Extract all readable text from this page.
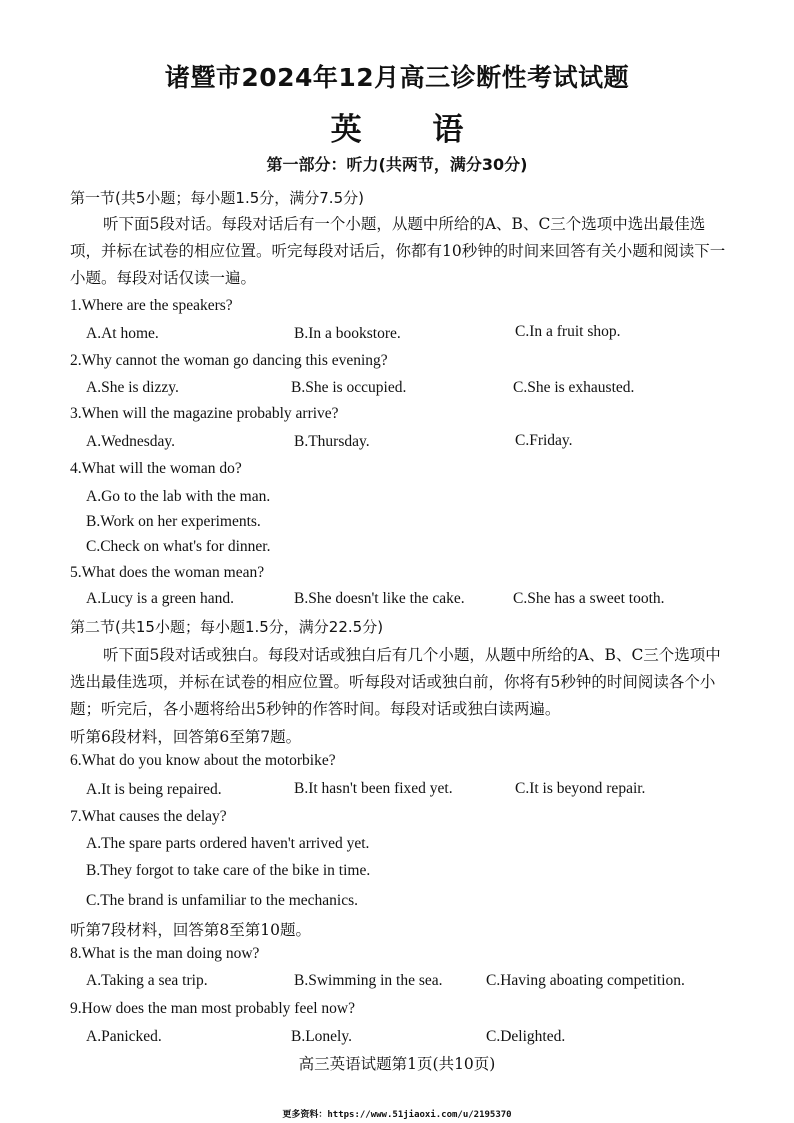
诸暨市2024年12月高三诊断性考试试题
英 语
第一部分：听力(共两节，满分30分)
第一节(共5小题；每小题1.5分，满分7.5分)
听下面5段对话。每段对话后有一个小题，从题中所给的A、B、C三个选项中选出最佳选项，并标在试卷的相应位置。听完每段对话后，你都有10秒钟的时间来回答有关小题和阅读下一小题。每段对话仅读一遍。
1.Where are the speakers?
A.At home.	B.In a bookstore.	C.In a fruit shop.
2.Why cannot the woman go dancing this evening?
A.She is dizzy.	B.She is occupied.	C.She is exhausted.
3.When will the magazine probably arrive?
A.Wednesday.	B.Thursday.	C.Friday.
4.What will the woman do?
A.Go to the lab with the man.
B.Work on her experiments.
C.Check on what's for dinner.
5.What does the woman mean?
A.Lucy is a green hand.	B.She doesn't like the cake.	C.She has a sweet tooth.
第二节(共15小题；每小题1.5分，满分22.5分)
听下面5段对话或独白。每段对话或独白后有几个小题，从题中所给的A、B、C三个选项中选出最佳选项，并标在试卷的相应位置。听每段对话或独白前，你将有5秒钟的时间阅读各个小题；听完后，各小题将给出5秒钟的作答时间。每段对话或独白读两遍。
听第6段材料，回答第6至第7题。
6.What do you know about the motorbike?
A.It is being repaired.	B.It hasn't been fixed yet.	C.It is beyond repair.
7.What causes the delay?
A.The spare parts ordered haven't arrived yet.
B.They forgot to take care of the bike in time.
C.The brand is unfamiliar to the mechanics.
听第7段材料，回答第8至第10题。
8.What is the man doing now?
A.Taking a sea trip.	B.Swimming in the sea.	C.Having aboating competition.
9.How does the man most probably feel now?
A.Panicked.	B.Lonely.	C.Delighted.
高三英语试题第1页(共10页)
更多资料：https://www.51jiaoxi.com/u/2195370
